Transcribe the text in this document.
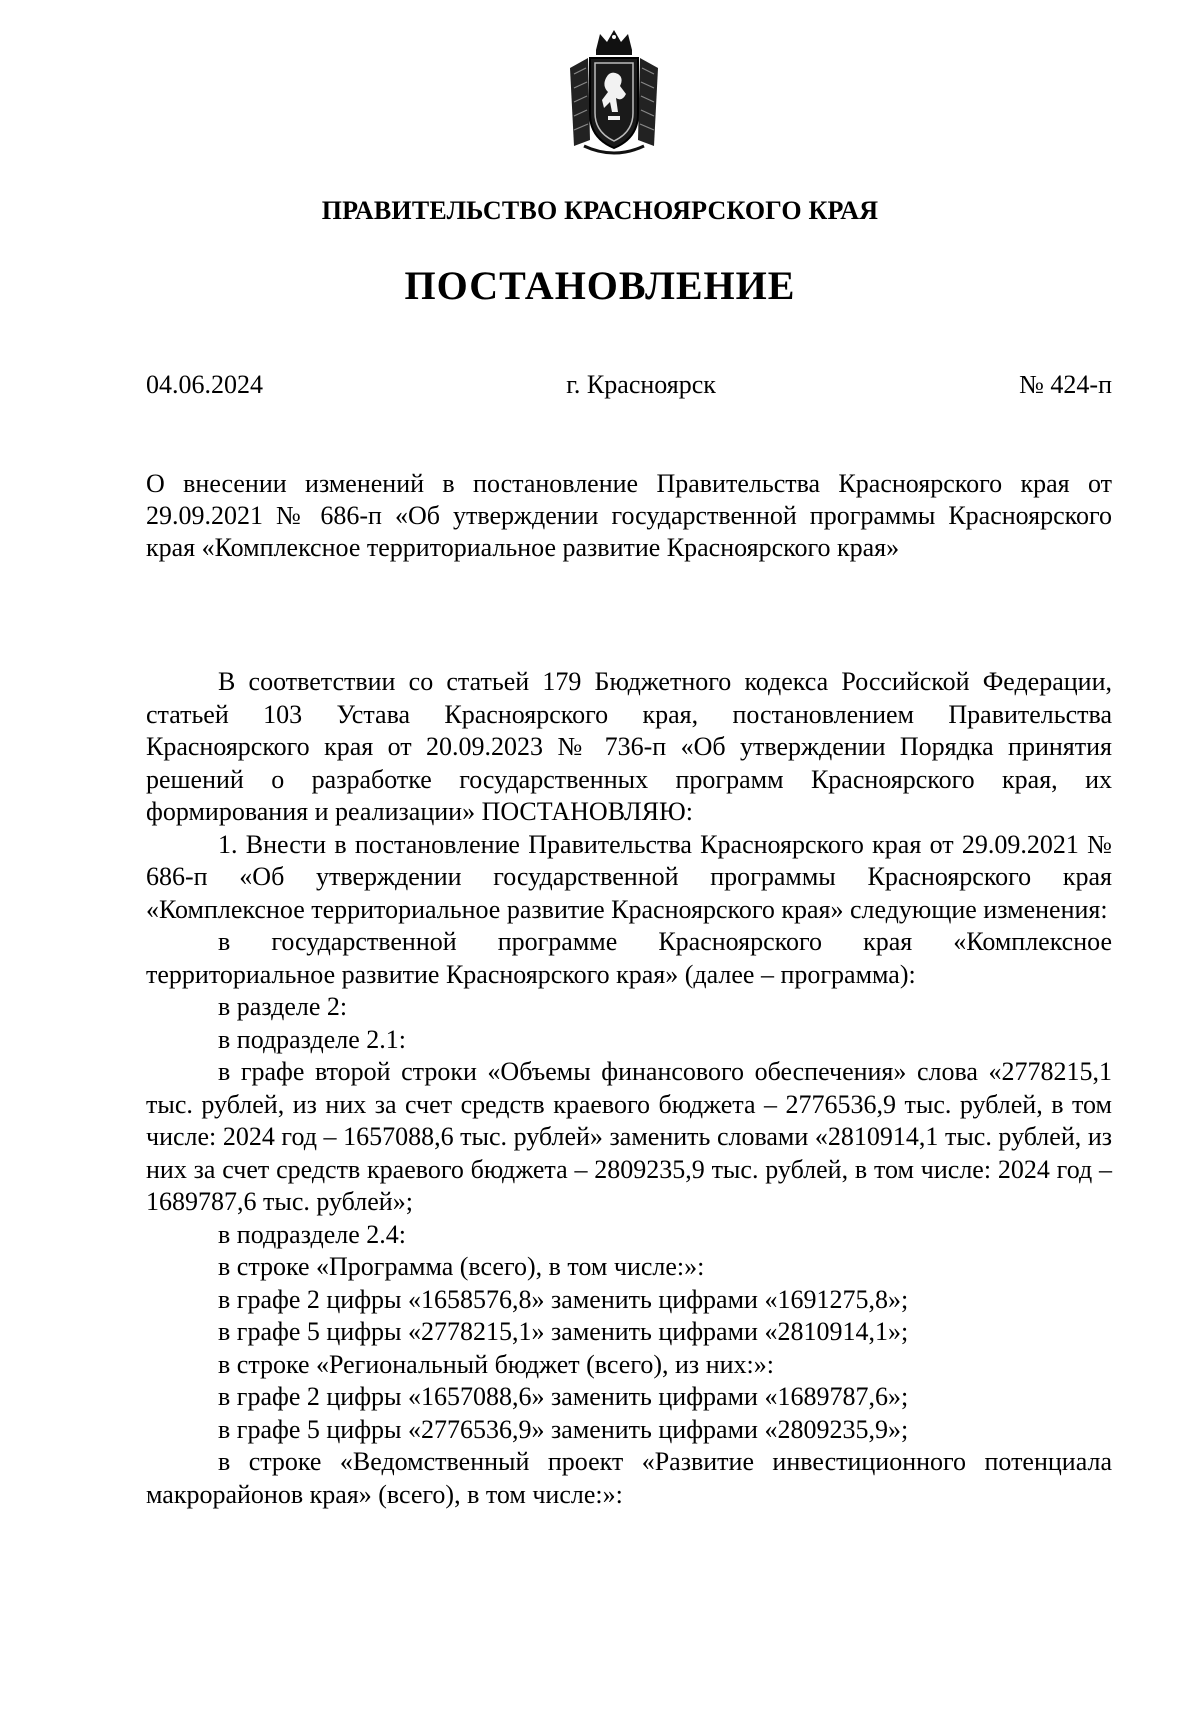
ПРАВИТЕЛЬСТВО КРАСНОЯРСКОГО КРАЯ
ПОСТАНОВЛЕНИЕ
04.06.2024	г. Красноярск	№ 424-п
О внесении изменений в постановление Правительства Красноярского края от 29.09.2021 № 686-п «Об утверждении государственной программы Красноярского края «Комплексное территориальное развитие Красноярского края»

В соответствии со статьей 179 Бюджетного кодекса Российской Федерации, статьей 103 Устава Красноярского края, постановлением Правительства Красноярского края от 20.09.2023 № 736-п «Об утверждении Порядка принятия решений о разработке государственных программ Красноярского края, их формирования и реализации» ПОСТАНОВЛЯЮ:

1. Внести в постановление Правительства Красноярского края от 29.09.2021 № 686-п «Об утверждении государственной программы Красноярского края «Комплексное территориальное развитие Красноярского края» следующие изменения:

в государственной программе Красноярского края «Комплексное территориальное развитие Красноярского края» (далее – программа):

в разделе 2:

в подразделе 2.1:

в графе второй строки «Объемы финансового обеспечения» слова «2778215,1 тыс. рублей, из них за счет средств краевого бюджета – 2776536,9 тыс. рублей, в том числе: 2024 год – 1657088,6 тыс. рублей» заменить словами «2810914,1 тыс. рублей, из них за счет средств краевого бюджета – 2809235,9 тыс. рублей, в том числе: 2024 год – 1689787,6 тыс. рублей»;

в подразделе 2.4:

в строке «Программа (всего), в том числе:»:

в графе 2 цифры «1658576,8» заменить цифрами «1691275,8»;

в графе 5 цифры «2778215,1» заменить цифрами «2810914,1»;

в строке «Региональный бюджет (всего), из них:»:

в графе 2 цифры «1657088,6» заменить цифрами «1689787,6»;

в графе 5 цифры «2776536,9» заменить цифрами «2809235,9»;

в строке «Ведомственный проект «Развитие инвестиционного потенциала макрорайонов края» (всего), в том числе:»:
